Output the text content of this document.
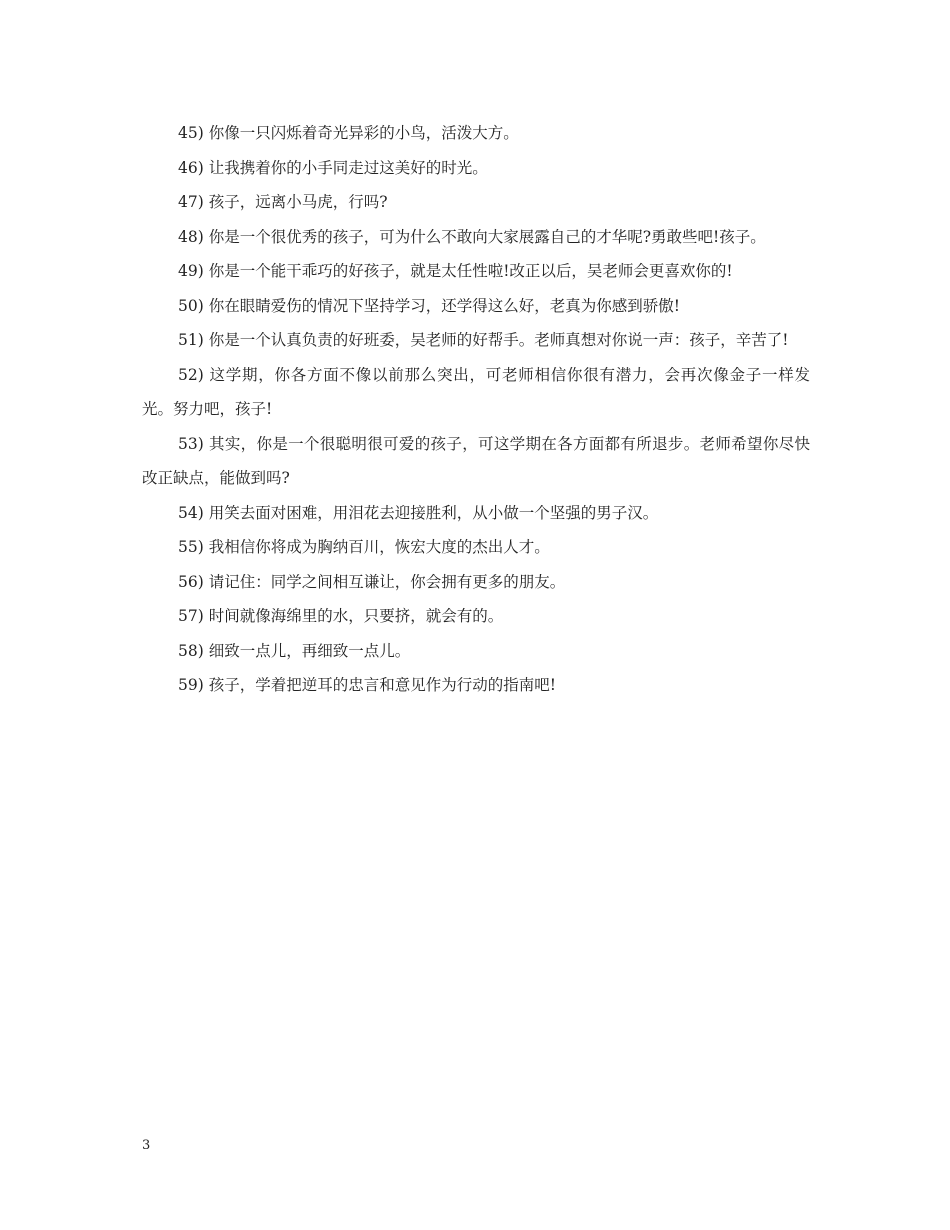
45) 你像一只闪烁着奇光异彩的小鸟，活泼大方。

46) 让我携着你的小手同走过这美好的时光。

47) 孩子，远离小马虎，行吗?

48) 你是一个很优秀的孩子，可为什么不敢向大家展露自己的才华呢?勇敢些吧!孩子。

49) 你是一个能干乖巧的好孩子，就是太任性啦!改正以后，吴老师会更喜欢你的!

50) 你在眼睛爱伤的情况下坚持学习，还学得这么好，老真为你感到骄傲!

51) 你是一个认真负责的好班委，吴老师的好帮手。老师真想对你说一声：孩子，辛苦了!

52) 这学期，你各方面不像以前那么突出，可老师相信你很有潜力，会再次像金子一样发光。努力吧，孩子!

53) 其实，你是一个很聪明很可爱的孩子，可这学期在各方面都有所退步。老师希望你尽快改正缺点，能做到吗?

54) 用笑去面对困难，用泪花去迎接胜利，从小做一个坚强的男子汉。

55) 我相信你将成为胸纳百川，恢宏大度的杰出人才。

56) 请记住：同学之间相互谦让，你会拥有更多的朋友。

57) 时间就像海绵里的水，只要挤，就会有的。

58) 细致一点儿，再细致一点儿。

59) 孩子，学着把逆耳的忠言和意见作为行动的指南吧!

3
